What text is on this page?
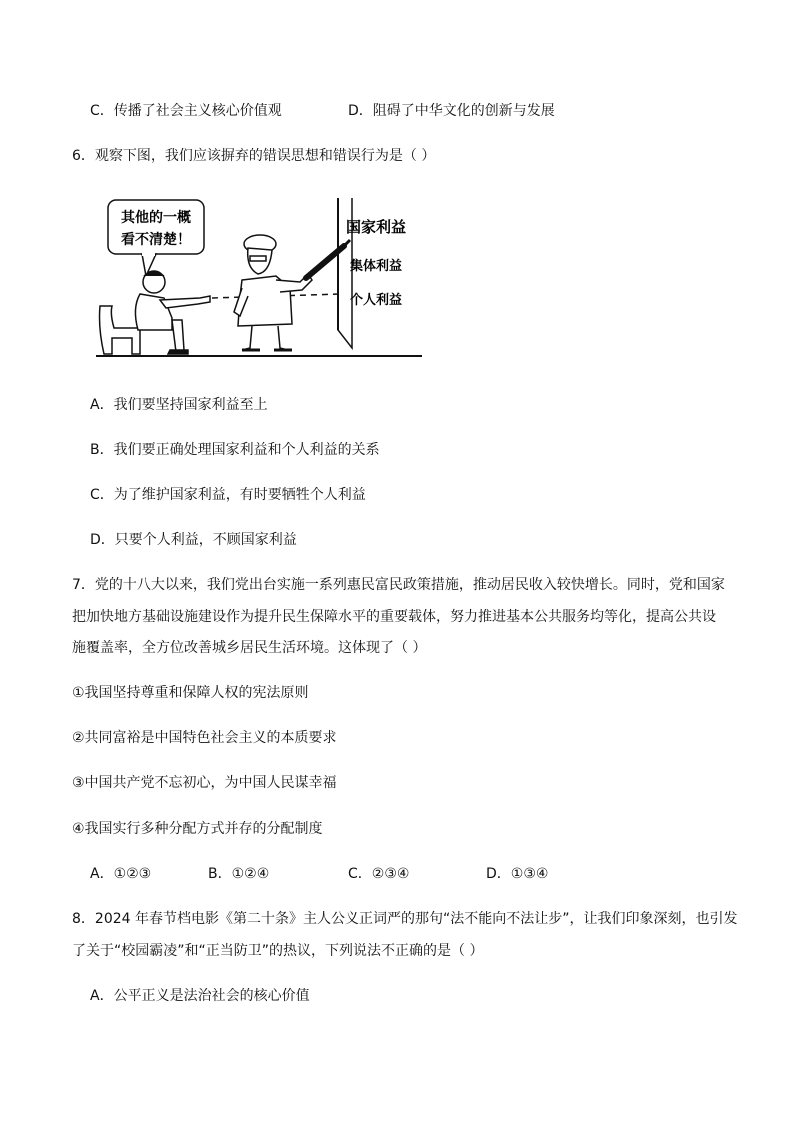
C．传播了社会主义核心价值观	D．阻碍了中华文化的创新与发展
6．观察下图，我们应该摒弃的错误思想和错误行为是（ ）
其他的一概
看不清楚！
国家利益
集体利益
个人利益
A．我们要坚持国家利益至上
B．我们要正确处理国家利益和个人利益的关系
C．为了维护国家利益，有时要牺牲个人利益
D．只要个人利益，不顾国家利益
7．党的十八大以来，我们党出台实施一系列惠民富民政策措施，推动居民收入较快增长。同时，党和国家
把加快地方基础设施建设作为提升民生保障水平的重要载体，努力推进基本公共服务均等化，提高公共设
施覆盖率，全方位改善城乡居民生活环境。这体现了（ ）
①我国坚持尊重和保障人权的宪法原则
②共同富裕是中国特色社会主义的本质要求
③中国共产党不忘初心，为中国人民谋幸福
④我国实行多种分配方式并存的分配制度
A．①②③	B．①②④	C．②③④	D．①③④
8．2024 年春节档电影《第二十条》主人公义正词严的那句“法不能向不法让步”，让我们印象深刻，也引发
了关于“校园霸凌”和“正当防卫”的热议，下列说法不正确的是（ ）
A．公平正义是法治社会的核心价值
